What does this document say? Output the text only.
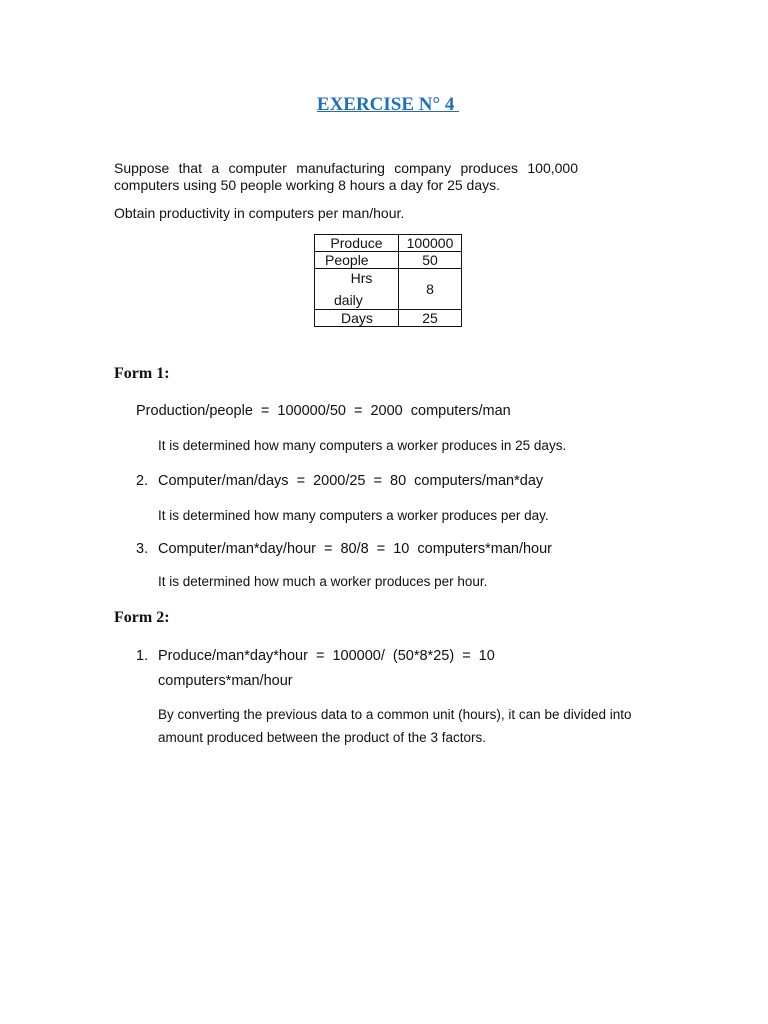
EXERCISE N° 4
Suppose that a computer manufacturing company produces 100,000 computers using 50 people working 8 hours a day for 25 days.
Obtain productivity in computers per man/hour.
Produce	100000
People	50

Hrs
daily	8
Days	25
Form 1:
Production/people = 100000/50 = 2000 computers/man
It is determined how many computers a worker produces in 25 days.
2. Computer/man/days = 2000/25 = 80 computers/man*day
It is determined how many computers a worker produces per day.
3. Computer/man*day/hour = 80/8 = 10 computers*man/hour
It is determined how much a worker produces per hour.
Form 2:
1. Produce/man*day*hour = 100000/ (50*8*25) = 10
computers*man/hour
By converting the previous data to a common unit (hours), it can be divided into
amount produced between the product of the 3 factors.
